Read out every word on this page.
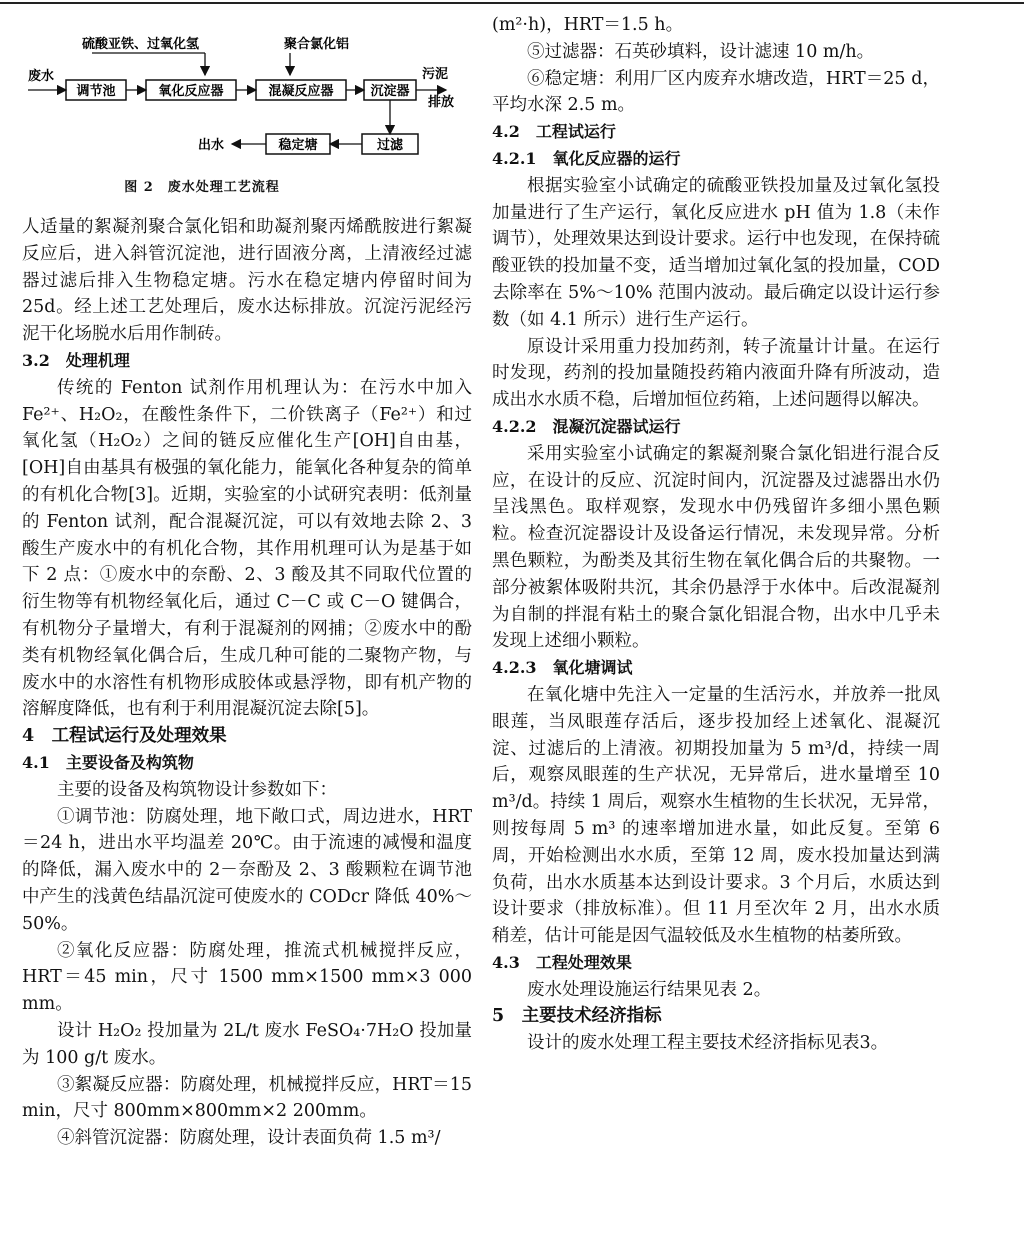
硫酸亚铁、过氧化氢	聚合氯化铝
废水
调节池	氧化反应器	混凝反应器	沉淀器
污泥
排放
过滤
稳定塘
出水

图 2　废水处理工艺流程

人适量的絮凝剂聚合氯化铝和助凝剂聚丙烯酰胺进行絮凝反应后，进入斜管沉淀池，进行固液分离，上清液经过滤器过滤后排入生物稳定塘。污水在稳定塘内停留时间为 25d。经上述工艺处理后，废水达标排放。沉淀污泥经污泥干化场脱水后用作制砖。

3.2　处理机理

传统的 Fenton 试剂作用机理认为：在污水中加入 Fe²⁺、H₂O₂，在酸性条件下，二价铁离子（Fe²⁺）和过氧化氢（H₂O₂）之间的链反应催化生产[OH]自由基，[OH]自由基具有极强的氧化能力，能氧化各种复杂的简单的有机化合物[3]。近期，实验室的小试研究表明：低剂量的 Fenton 试剂，配合混凝沉淀，可以有效地去除 2、3 酸生产废水中的有机化合物，其作用机理可认为是基于如下 2 点：①废水中的奈酚、2、3 酸及其不同取代位置的衍生物等有机物经氧化后，通过 C－C 或 C－O 键偶合，有机物分子量增大，有利于混凝剂的网捕；②废水中的酚类有机物经氧化偶合后，生成几种可能的二聚物产物，与废水中的水溶性有机物形成胶体或悬浮物，即有机产物的溶解度降低，也有利于利用混凝沉淀去除[5]。

4　工程试运行及处理效果

4.1　主要设备及构筑物

主要的设备及构筑物设计参数如下：

①调节池：防腐处理，地下敞口式，周边进水，HRT＝24 h，进出水平均温差 20℃。由于流速的减慢和温度的降低，漏入废水中的 2－奈酚及 2、3 酸颗粒在调节池中产生的浅黄色结晶沉淀可使废水的 CODcr 降低 40%～50%。

②氧化反应器：防腐处理，推流式机械搅拌反应，HRT＝45 min，尺寸 1500 mm×1500 mm×3 000 mm。

设计 H₂O₂ 投加量为 2L/t 废水 FeSO₄·7H₂O 投加量为 100 g/t 废水。

③絮凝反应器：防腐处理，机械搅拌反应，HRT＝15 min，尺寸 800mm×800mm×2 200mm。

④斜管沉淀器：防腐处理，设计表面负荷 1.5 m³/

(m²·h)，HRT＝1.5 h。

⑤过滤器：石英砂填料，设计滤速 10 m/h。

⑥稳定塘：利用厂区内废弃水塘改造，HRT＝25 d，平均水深 2.5 m。

4.2　工程试运行

4.2.1　氧化反应器的运行

根据实验室小试确定的硫酸亚铁投加量及过氧化氢投加量进行了生产运行，氧化反应进水 pH 值为 1.8（未作调节），处理效果达到设计要求。运行中也发现，在保持硫酸亚铁的投加量不变，适当增加过氧化氢的投加量，COD 去除率在 5%～10% 范围内波动。最后确定以设计运行参数（如 4.1 所示）进行生产运行。

原设计采用重力投加药剂，转子流量计计量。在运行时发现，药剂的投加量随投药箱内液面升降有所波动，造成出水水质不稳，后增加恒位药箱，上述问题得以解决。

4.2.2　混凝沉淀器试运行

采用实验室小试确定的絮凝剂聚合氯化铝进行混合反应，在设计的反应、沉淀时间内，沉淀器及过滤器出水仍呈浅黑色。取样观察，发现水中仍残留许多细小黑色颗粒。检查沉淀器设计及设备运行情况，未发现异常。分析黑色颗粒，为酚类及其衍生物在氧化偶合后的共聚物。一部分被絮体吸附共沉，其余仍悬浮于水体中。后改混凝剂为自制的拌混有粘土的聚合氯化铝混合物，出水中几乎未发现上述细小颗粒。

4.2.3　氧化塘调试

在氧化塘中先注入一定量的生活污水，并放养一批凤眼莲，当凤眼莲存活后，逐步投加经上述氧化、混凝沉淀、过滤后的上清液。初期投加量为 5 m³/d，持续一周后，观察凤眼莲的生产状况，无异常后，进水量增至 10 m³/d。持续 1 周后，观察水生植物的生长状况，无异常，则按每周 5 m³ 的速率增加进水量，如此反复。至第 6 周，开始检测出水水质，至第 12 周，废水投加量达到满负荷，出水水质基本达到设计要求。3 个月后，水质达到设计要求（排放标准）。但 11 月至次年 2 月，出水水质稍差，估计可能是因气温较低及水生植物的枯萎所致。

4.3　工程处理效果

废水处理设施运行结果见表 2。

5　主要技术经济指标

设计的废水处理工程主要技术经济指标见表3。
